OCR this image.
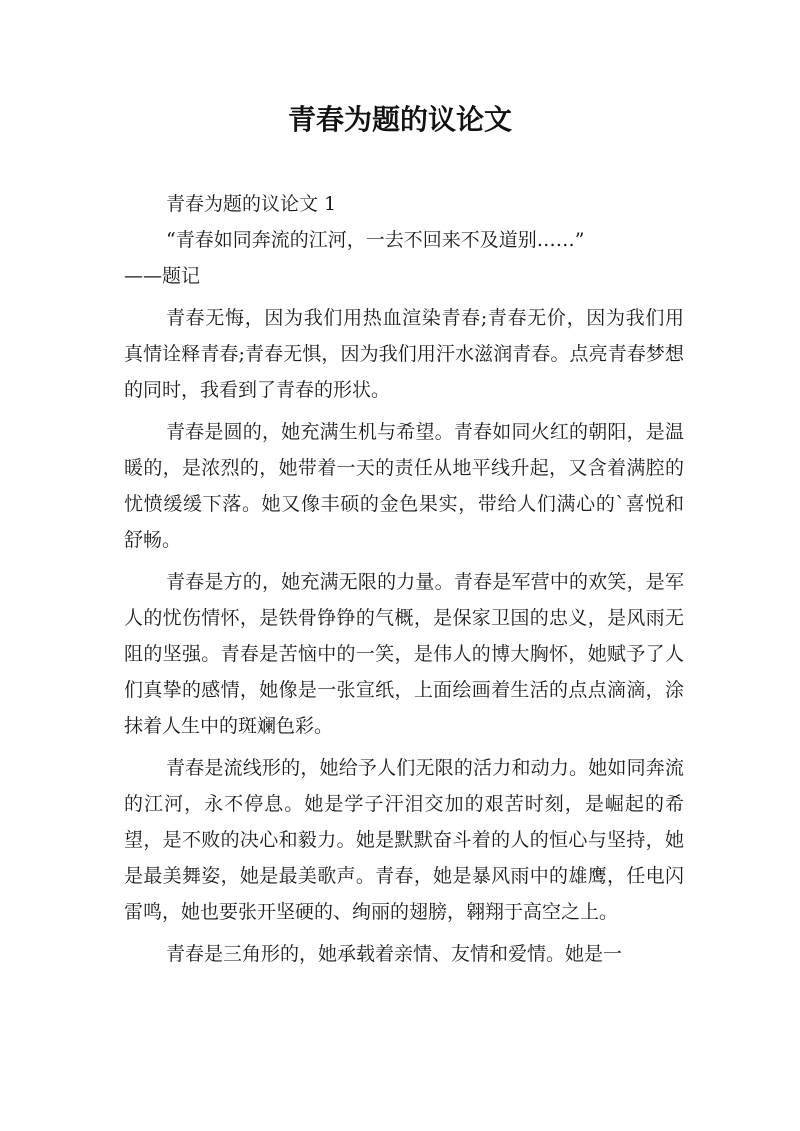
青春为题的议论文

青春为题的议论文 1

“青春如同奔流的江河，一去不回来不及道别……”

——题记

青春无悔，因为我们用热血渲染青春;青春无价，因为我们用真情诠释青春;青春无惧，因为我们用汗水滋润青春。点亮青春梦想的同时，我看到了青春的形状。

青春是圆的，她充满生机与希望。青春如同火红的朝阳，是温暖的，是浓烈的，她带着一天的责任从地平线升起，又含着满腔的忧愤缓缓下落。她又像丰硕的金色果实，带给人们满心的`喜悦和舒畅。

青春是方的，她充满无限的力量。青春是军营中的欢笑，是军人的忧伤情怀，是铁骨铮铮的气概，是保家卫国的忠义，是风雨无阻的坚强。青春是苦恼中的一笑，是伟人的博大胸怀，她赋予了人们真挚的感情，她像是一张宣纸，上面绘画着生活的点点滴滴，涂抹着人生中的斑斓色彩。

青春是流线形的，她给予人们无限的活力和动力。她如同奔流的江河，永不停息。她是学子汗泪交加的艰苦时刻，是崛起的希望，是不败的决心和毅力。她是默默奋斗着的人的恒心与坚持，她是最美舞姿，她是最美歌声。青春，她是暴风雨中的雄鹰，任电闪雷鸣，她也要张开坚硬的、绚丽的翅膀，翱翔于高空之上。

青春是三角形的，她承载着亲情、友情和爱情。她是一
